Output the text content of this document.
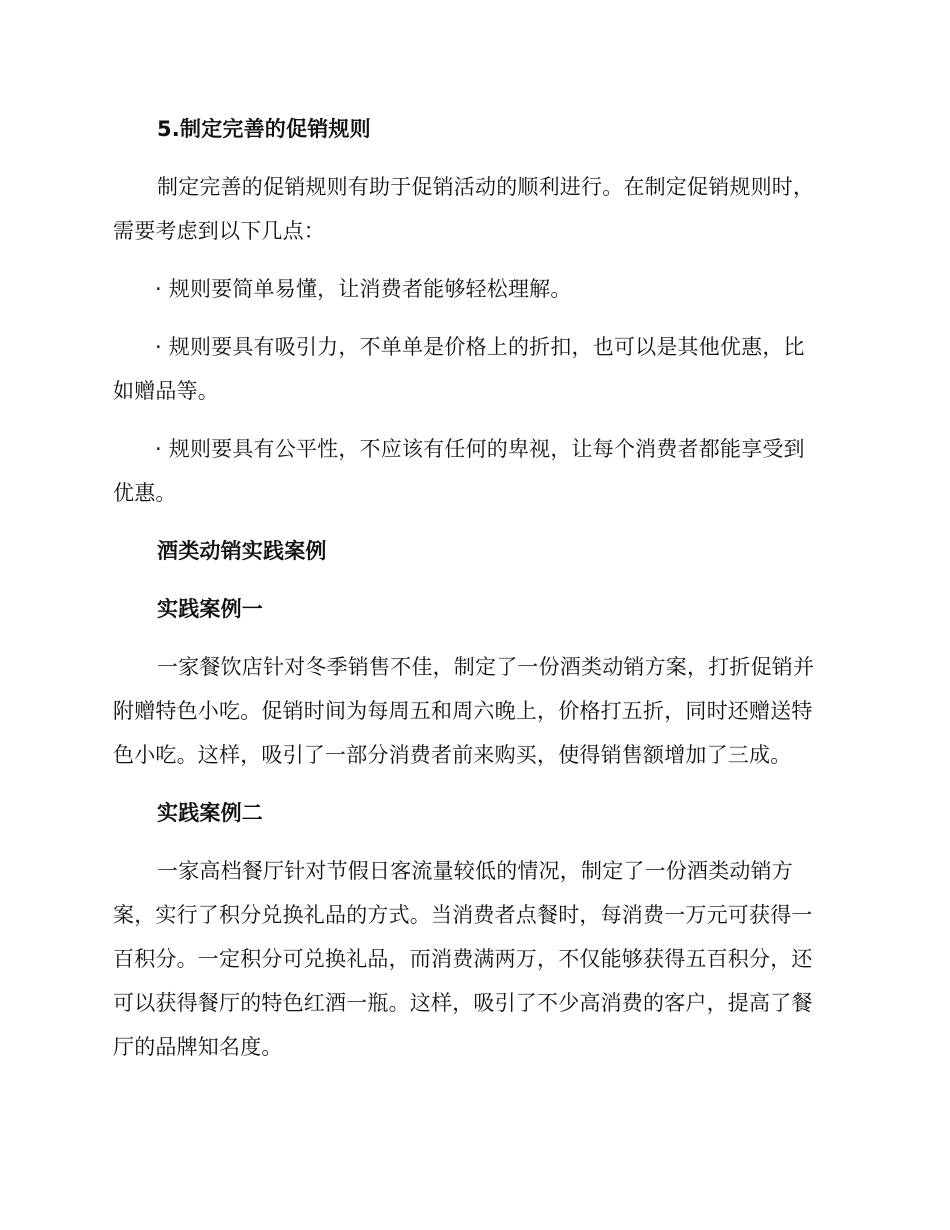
5.制定完善的促销规则
制定完善的促销规则有助于促销活动的顺利进行。在制定促销规则时，
需要考虑到以下几点：
· 规则要简单易懂，让消费者能够轻松理解。
· 规则要具有吸引力，不单单是价格上的折扣，也可以是其他优惠，比
如赠品等。
· 规则要具有公平性，不应该有任何的卑视，让每个消费者都能享受到
优惠。
酒类动销实践案例
实践案例一
一家餐饮店针对冬季销售不佳，制定了一份酒类动销方案，打折促销并
附赠特色小吃。促销时间为每周五和周六晚上，价格打五折，同时还赠送特
色小吃。这样，吸引了一部分消费者前来购买，使得销售额增加了三成。
实践案例二
一家高档餐厅针对节假日客流量较低的情况，制定了一份酒类动销方
案，实行了积分兑换礼品的方式。当消费者点餐时，每消费一万元可获得一
百积分。一定积分可兑换礼品，而消费满两万，不仅能够获得五百积分，还
可以获得餐厅的特色红酒一瓶。这样，吸引了不少高消费的客户，提高了餐
厅的品牌知名度。
